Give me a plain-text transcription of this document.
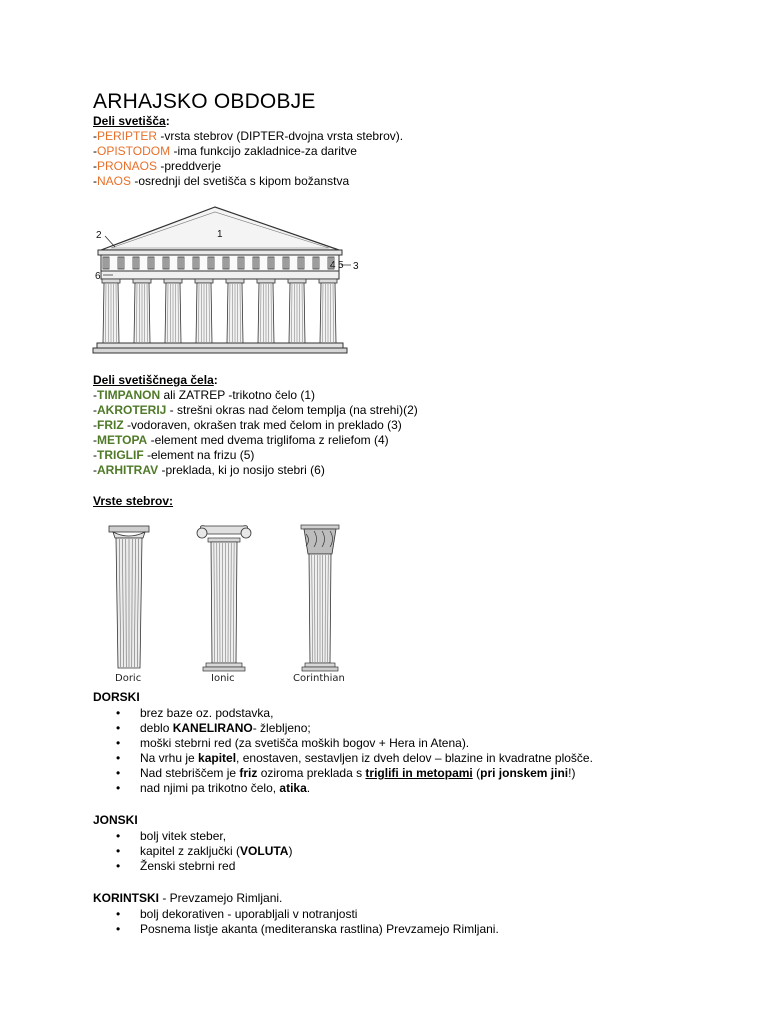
ARHAJSKO OBDOBJE
Deli svetišča:
-PERIPTER -vrsta stebrov (DIPTER-dvojna vrsta stebrov).
-OPISTODOM -ima funkcijo zakladnice-za daritve
-PRONAOS -preddverje
-NAOS -osrednji del svetišča s kipom božanstva
1
2
3
4 5
6
Deli svetiščnega čela:
-TIMPANON ali ZATREP -trikotno čelo (1)
-AKROTERIJ - strešni okras nad čelom templja (na strehi)(2)
-FRIZ -vodoraven, okrašen trak med čelom in preklado (3)
-METOPA -element med dvema triglifoma z reliefom (4)
-TRIGLIF -element na frizu (5)
-ARHITRAV -preklada, ki jo nosijo stebri (6)
Vrste stebrov:
Doric	Ionic	Corinthian
DORSKI
• brez baze oz. podstavka,
• deblo KANELIRANO- žlebljeno;
• moški stebrni red (za svetišča moških bogov + Hera in Atena).
• Na vrhu je kapitel, enostaven, sestavljen iz dveh delov – blazine in kvadratne plošče.
• Nad stebriščem je friz oziroma preklada s triglifi in metopami (pri jonskem jini!)
• nad njimi pa trikotno čelo, atika.
JONSKI
• bolj vitek steber,
• kapitel z zaključki (VOLUTA)
• Ženski stebrni red
KORINTSKI - Prevzamejo Rimljani.
• bolj dekorativen - uporabljali v notranjosti
• Posnema listje akanta (mediteranska rastlina) Prevzamejo Rimljani.
